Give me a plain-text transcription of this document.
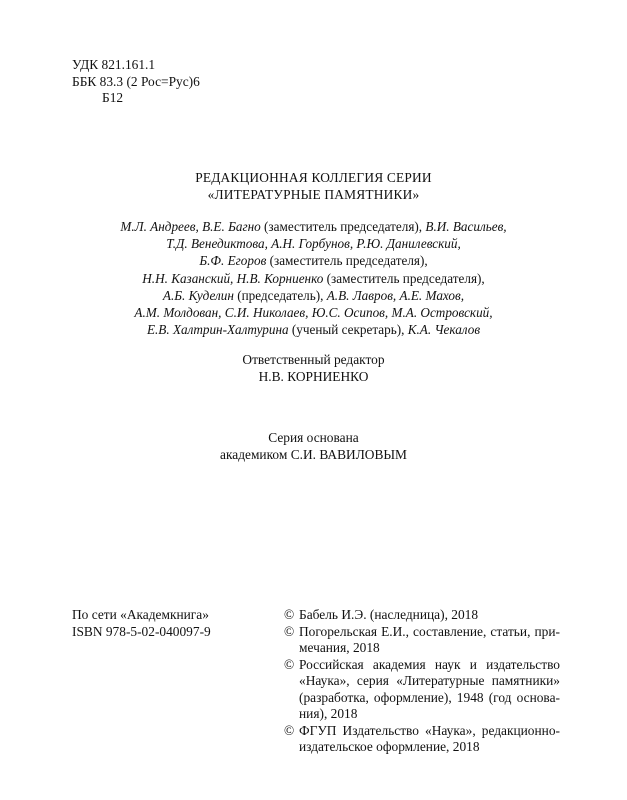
УДК 821.161.1
ББК 83.3 (2 Рос=Рус)6
Б12
РЕДАКЦИОННАЯ КОЛЛЕГИЯ СЕРИИ
«ЛИТЕРАТУРНЫЕ ПАМЯТНИКИ»
М.Л. Андреев, В.Е. Багно (заместитель председателя), В.И. Васильев,
Т.Д. Венедиктова, А.Н. Горбунов, Р.Ю. Данилевский,
Б.Ф. Егоров (заместитель председателя),
Н.Н. Казанский, Н.В. Корниенко (заместитель председателя),
А.Б. Куделин (председатель), А.В. Лавров, А.Е. Махов,
А.М. Молдован, С.И. Николаев, Ю.С. Осипов, М.А. Островский,
Е.В. Халтрин-Халтурина (ученый секретарь), К.А. Чекалов
Ответственный редактор
Н.В. КОРНИЕНКО
Серия основана
академиком С.И. ВАВИЛОВЫМ
По сети «Академкнига»
ISBN 978-5-02-040097-9
© Бабель И.Э. (наследница), 2018
© Погорельская Е.И., составление, статьи, примечания, 2018
© Российская академия наук и издательство «Наука», серия «Литературные памятники» (разработка, оформление), 1948 (год основания), 2018
© ФГУП Издательство «Наука», редакционно-издательское оформление, 2018
